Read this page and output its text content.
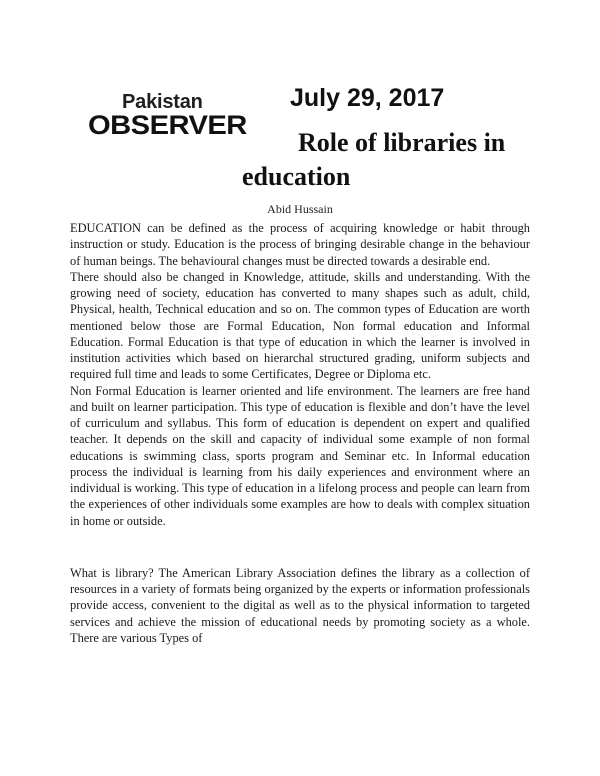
Pakistan
OBSERVER
July 29, 2017
Role of libraries in
education
Abid Hussain

EDUCATION can be defined as the process of acquiring knowledge or habit through instruction or study. Education is the process of bringing desirable change in the behaviour of human beings. The behavioural changes must be directed towards a desirable end.

There should also be changed in Knowledge, attitude, skills and understanding. With the growing need of society, education has converted to many shapes such as adult, child, Physical, health, Technical education and so on. The common types of Education are worth mentioned below those are Formal Education, Non formal education and Informal Education. Formal Education is that type of education in which the learner is involved in institution activities which based on hierarchal structured grading, uniform subjects and required full time and leads to some Certificates, Degree or Diploma etc.

Non Formal Education is learner oriented and life environment. The learners are free hand and built on learner participation. This type of education is flexible and don’t have the level of curriculum and syllabus. This form of education is dependent on expert and qualified teacher. It depends on the skill and capacity of individual some example of non formal educations is swimming class, sports program and Seminar etc. In Informal education process the individual is learning from his daily experiences and environment where an individual is working. This type of education in a lifelong process and people can learn from the experiences of other individuals some examples are how to deals with complex situation in home or outside.

What is library? The American Library Association defines the library as a collection of resources in a variety of formats being organized by the experts or information professionals provide access, convenient to the digital as well as to the physical information to targeted services and achieve the mission of educational needs by promoting society as a whole. There are various Types of
